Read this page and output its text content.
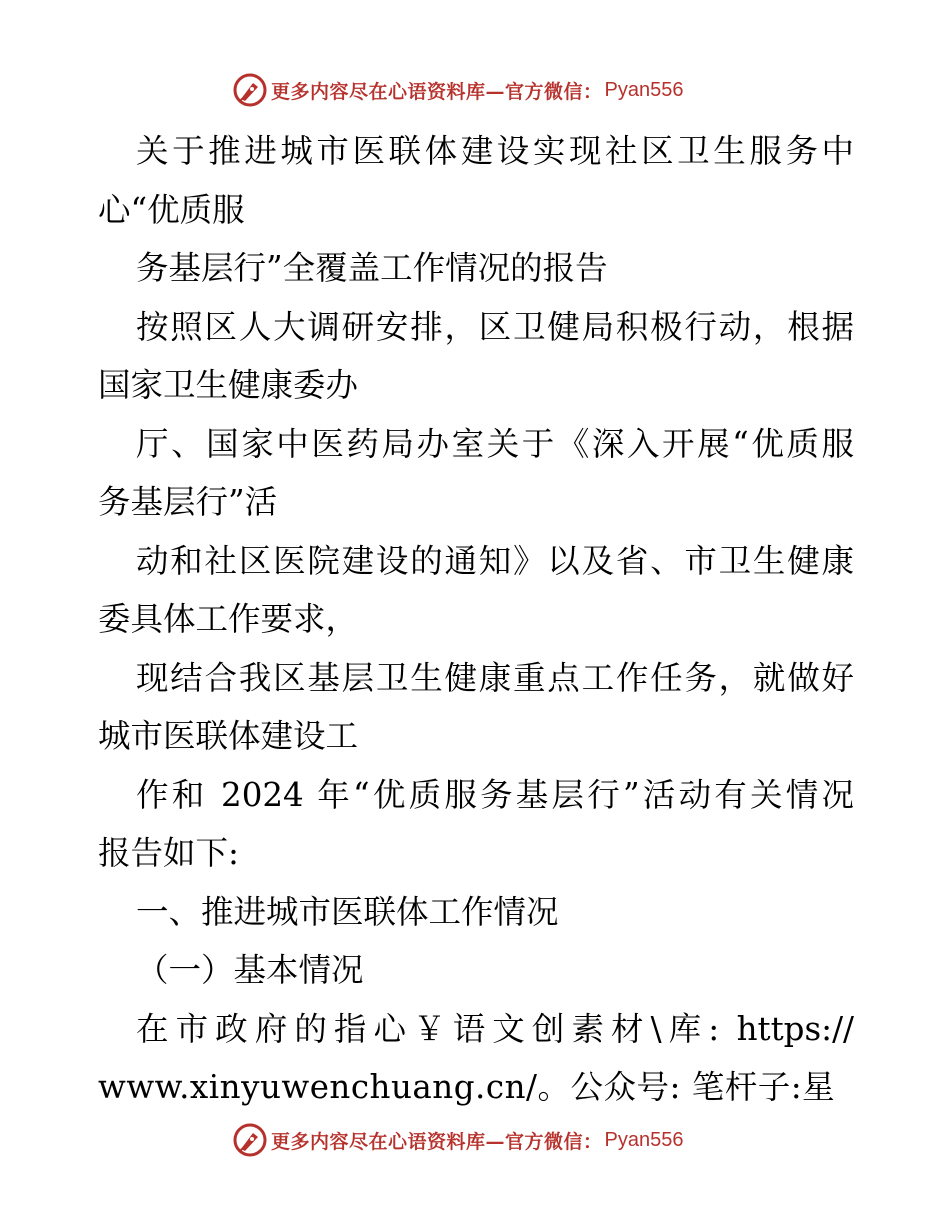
更多内容尽在心语资料库—官方微信： Pyan556
关于推进城市医联体建设实现社区卫生服务中
心“优质服
务基层行”全覆盖工作情况的报告
按照区人大调研安排，区卫健局积极行动，根据
国家卫生健康委办
厅、国家中医药局办室关于《深入开展“优质服
务基层行”活
动和社区医院建设的通知》以及省、市卫生健康
委具体工作要求，
现结合我区基层卫生健康重点工作任务，就做好
城市医联体建设工
作和 2024 年“优质服务基层行”活动有关情况
报告如下:
一、推进城市医联体工作情况
（一）基本情况
在市政府的指心￥语文创素材\库: https://
www.xinyuwenchuang.cn/。公众号: 笔杆子:星
更多内容尽在心语资料库—官方微信： Pyan556
